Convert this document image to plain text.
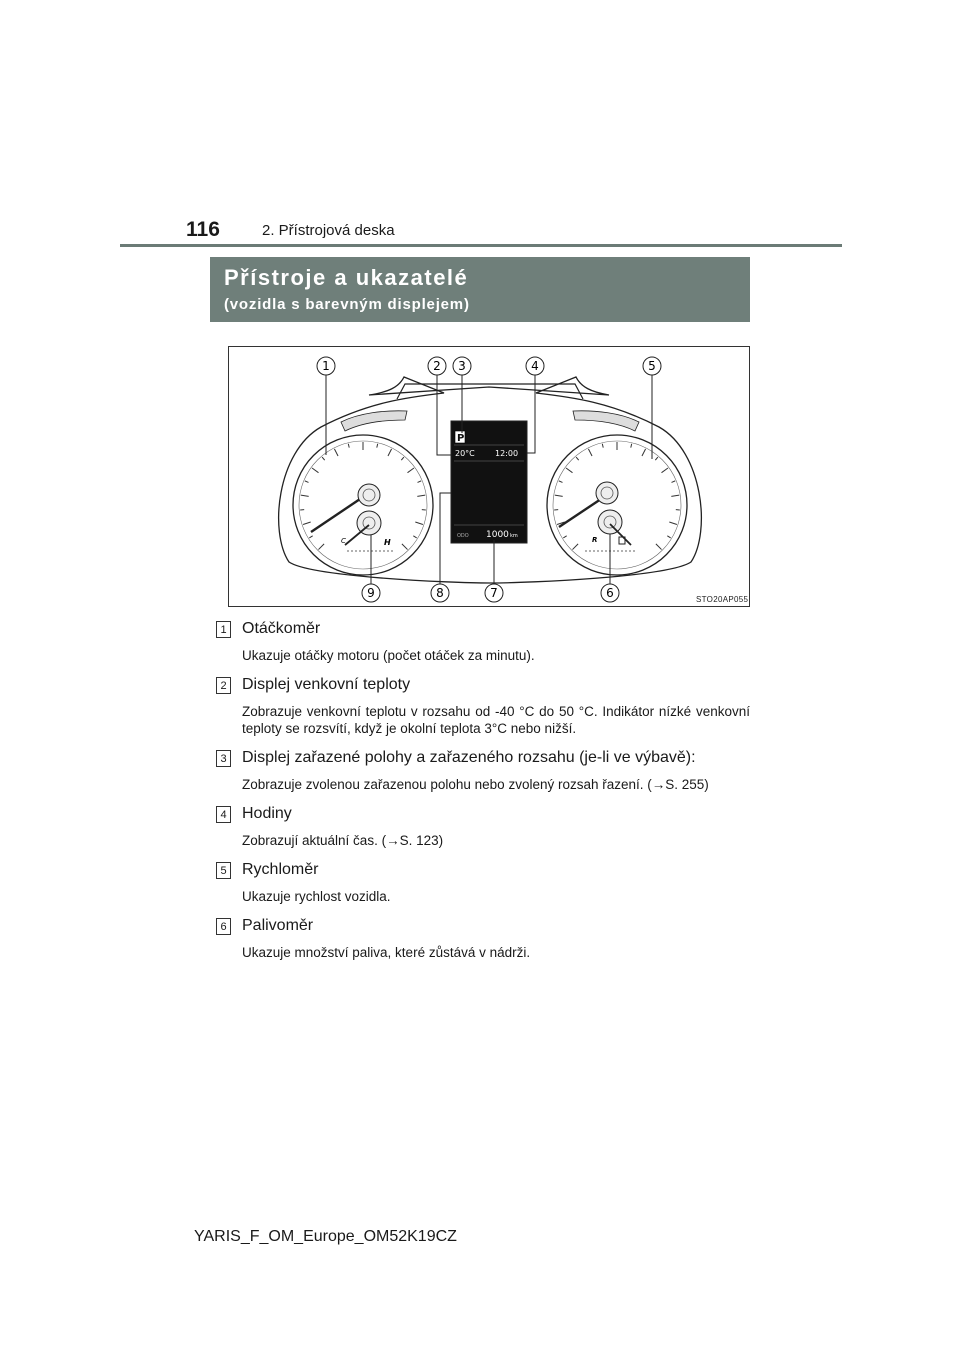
116	2. Přístrojová deska
Přístroje a ukazatelé
(vozidla s barevným displejem)
H
C	R
P
20°C	12:00
ODO 1000 km
1	2 3	4	5
6
7
8
9	STO20AP055
1 Otáčkoměr
Ukazuje otáčky motoru (počet otáček za minutu).
2 Displej venkovní teploty
Zobrazuje venkovní teplotu v rozsahu od -40 °C do 50 °C. Indikátor nízké venkovní teploty se rozsvítí, když je okolní teplota 3°C nebo nižší.
3 Displej zařazené polohy a zařazeného rozsahu (je-li ve výbavě):
Zobrazuje zvolenou zařazenou polohu nebo zvolený rozsah řazení. (→S. 255)
4 Hodiny
Zobrazují aktuální čas. (→S. 123)
5 Rychloměr
Ukazuje rychlost vozidla.
6 Palivoměr
Ukazuje množství paliva, které zůstává v nádrži.
YARIS_F_OM_Europe_OM52K19CZ
